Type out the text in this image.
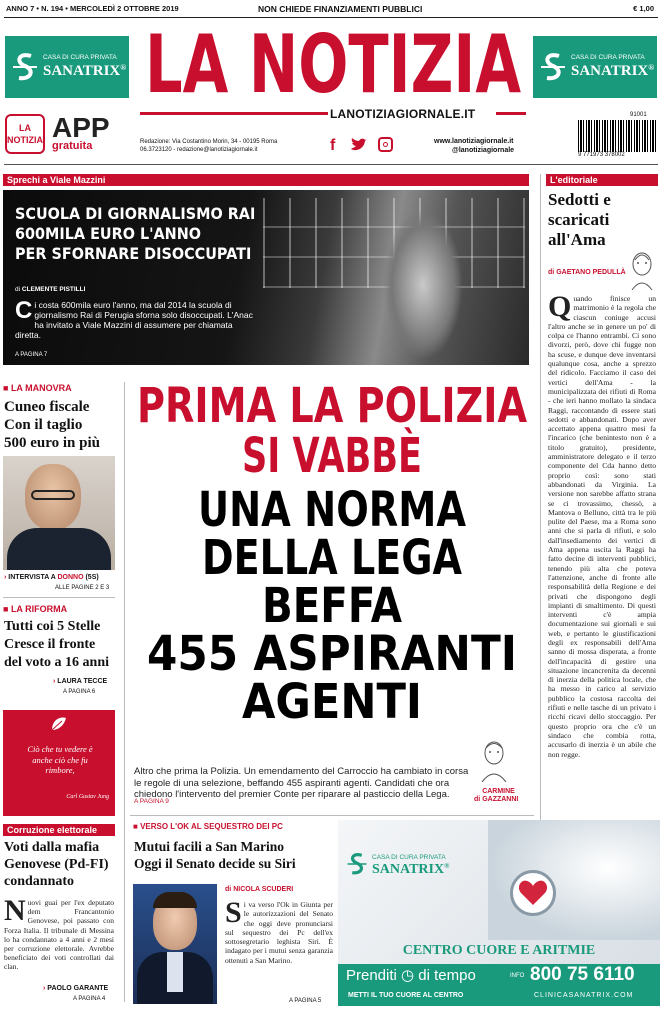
ANNO 7 • N. 194 • MERCOLEDÌ 2 OTTOBRE 2019	NON CHIEDE FINANZIAMENTI PUBBLICI	€ 1,00
CASA DI CURA PRIVATA
SANATRIX® LA NOTIZIA
LANOTIZIAGIORNALE.IT
CASA DI CURA PRIVATA
SANATRIX®
LA NOTIZIA APP
gratuita	Redazione: Via Costantino Morin, 34 - 00195 Roma
06.3723120 - redazione@lanotiziagiornale.it	f	www.lanotiziagiornale.it
@lanotiziagiornale
91001
9 771973 378002
Sprechi a Viale Mazzini
SCUOLA DI GIORNALISMO RAI
600MILA EURO L'ANNO
PER SFORNARE DISOCCUPATI
di CLEMENTE PISTILLI
Ci costa 600mila euro l'anno, ma dal 2014 la scuola di giornalismo Rai di Perugia sforna solo disoccupati. L'Anac ha invitato a Viale Mazzini di assumere per chiamata diretta.
A PAGINA 7
L'editoriale
Sedotti e scaricati all'Ama
di GAETANO PEDULLÀ
Quando finisce un matrimonio è la regola che ciascun coniuge accusi l'altro anche se in genere un po' di colpa ce l'hanno entrambi. Ci sono divorzi, però, dove chi fugge non ha scuse, e dunque deve inventarsi qualunque cosa, anche a sprezzo del ridicolo. Facciamo il caso dei vertici dell'Ama - la municipalizzata dei rifiuti di Roma - che ieri hanno mollato la sindaca Raggi, raccontando di essere stati sedotti e abbandonati. Dopo aver accettato appena quattro mesi fa l'incarico (che benintesto non è a titolo gratuito), presidente, amministratore delegato e il terzo componente del Cda hanno detto proprio così: sono stati abbandonati da Virginia. La versione non sarebbe affatto strana se ci trovassimo, chessò, a Mantova o Belluno, città tra le più pulite del Paese, ma a Roma sono anni che si parla di rifiuti, e solo dall'insediamento dei vertici di Ama appena uscita la Raggi ha fatto decine di interventi pubblici, tenendo più alta che poteva l'attenzione, anche di fronte alle responsabilità della Regione e dei privati che dispongono degli impianti di smaltimento. Di questi interventi c'è ampia documentazione sui giornali e sui web, e pertanto le giustificazioni degli ex responsabili dell'Ama sanno di mossa disperata, a fronte dell'incapacità di gestire una situazione incancrenita da decenni di inerzia della politica locale, che ha messo in carico al servizio pubblico la costosa raccolta dei rifiuti e nelle tasche di un privato i ricchi ricavi dello stoccaggio. Per questo proprio ora che c'è un sindaco che combia rotta, accusarlo di inerzia è un abile che non regge.
■ LA MANOVRA
Cuneo fiscale Con il taglio 500 euro in più
› INTERVISTA A DONNO (5S)
ALLE PAGINE 2 E 3
■ LA RIFORMA
Tutti coi 5 Stelle Cresce il fronte del voto a 16 anni
› LAURA TECCE
A PAGINA 6
Ciò che tu vedere è anche ciò che fu rimbore,
Carl Gustav Jung
Corruzione elettorale
Voti dalla mafia Genovese (Pd-FI) condannato
Nuovi guai per l'ex deputato dem Francantonio Genovese, poi passato con Forza Italia. Il tribunale di Messina lo ha condannato a 4 anni e 2 mesi per corruzione elettorale. Avrebbe beneficiato dei voti controllati dai clan.
› PAOLO GARANTE
A PAGINA 4
PRIMA LA POLIZIA
SI VABBÈ
UNA NORMA
DELLA LEGA
BEFFA
455 ASPIRANTI
AGENTI
Altro che prima la Polizia. Un emendamento del Carroccio ha cambiato in corsa le regole di una selezione, beffando 455 aspiranti agenti. Candidati che ora chiedono l'intervento del premier Conte per riparare al pasticcio della Lega.	di CARMINE GAZZANNI
A PAGINA 9
■ VERSO L'OK AL SEQUESTRO DEI PC
Mutui facili a San Marino
Oggi il Senato decide su Siri
di NICOLA SCUDERI
Si va verso l'Ok in Giunta per le autorizzazioni del Senato che oggi deve pronunciarsi sul sequestro dei Pc dell'ex sottosegretario leghista Siri. È indagato per i mutui senza garanzia ottenuti a San Marino.
A PAGINA 5
CASA DI CURA PRIVATA
SANATRIX®
CENTRO CUORE E ARITMIE
Prenditi ◷ di tempo	INFO 800 75 6110
METTI IL TUO CUORE AL CENTRO	CLINICASANATRIX.COM
